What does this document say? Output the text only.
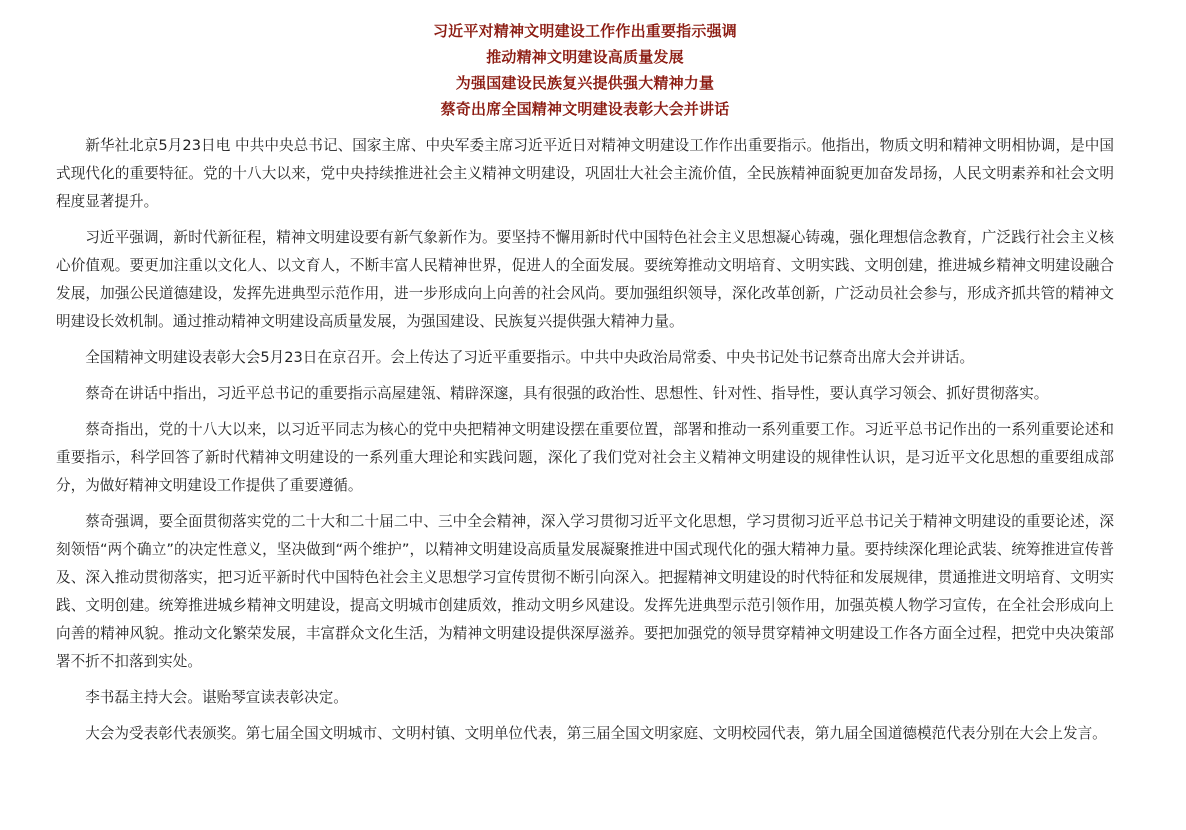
习近平对精神文明建设工作作出重要指示强调
推动精神文明建设高质量发展
为强国建设民族复兴提供强大精神力量
蔡奇出席全国精神文明建设表彰大会并讲话

新华社北京5月23日电 中共中央总书记、国家主席、中央军委主席习近平近日对精神文明建设工作作出重要指示。他指出，物质文明和精神文明相协调，是中国式现代化的重要特征。党的十八大以来，党中央持续推进社会主义精神文明建设，巩固壮大社会主流价值，全民族精神面貌更加奋发昂扬，人民文明素养和社会文明程度显著提升。

习近平强调，新时代新征程，精神文明建设要有新气象新作为。要坚持不懈用新时代中国特色社会主义思想凝心铸魂，强化理想信念教育，广泛践行社会主义核心价值观。要更加注重以文化人、以文育人，不断丰富人民精神世界，促进人的全面发展。要统筹推动文明培育、文明实践、文明创建，推进城乡精神文明建设融合发展，加强公民道德建设，发挥先进典型示范作用，进一步形成向上向善的社会风尚。要加强组织领导，深化改革创新，广泛动员社会参与，形成齐抓共管的精神文明建设长效机制。通过推动精神文明建设高质量发展，为强国建设、民族复兴提供强大精神力量。

全国精神文明建设表彰大会5月23日在京召开。会上传达了习近平重要指示。中共中央政治局常委、中央书记处书记蔡奇出席大会并讲话。

蔡奇在讲话中指出，习近平总书记的重要指示高屋建瓴、精辟深邃，具有很强的政治性、思想性、针对性、指导性，要认真学习领会、抓好贯彻落实。

蔡奇指出，党的十八大以来，以习近平同志为核心的党中央把精神文明建设摆在重要位置，部署和推动一系列重要工作。习近平总书记作出的一系列重要论述和重要指示，科学回答了新时代精神文明建设的一系列重大理论和实践问题，深化了我们党对社会主义精神文明建设的规律性认识，是习近平文化思想的重要组成部分，为做好精神文明建设工作提供了重要遵循。

蔡奇强调，要全面贯彻落实党的二十大和二十届二中、三中全会精神，深入学习贯彻习近平文化思想，学习贯彻习近平总书记关于精神文明建设的重要论述，深刻领悟“两个确立”的决定性意义，坚决做到“两个维护”，以精神文明建设高质量发展凝聚推进中国式现代化的强大精神力量。要持续深化理论武装、统筹推进宣传普及、深入推动贯彻落实，把习近平新时代中国特色社会主义思想学习宣传贯彻不断引向深入。把握精神文明建设的时代特征和发展规律，贯通推进文明培育、文明实践、文明创建。统筹推进城乡精神文明建设，提高文明城市创建质效，推动文明乡风建设。发挥先进典型示范引领作用，加强英模人物学习宣传，在全社会形成向上向善的精神风貌。推动文化繁荣发展，丰富群众文化生活，为精神文明建设提供深厚滋养。要把加强党的领导贯穿精神文明建设工作各方面全过程，把党中央决策部署不折不扣落到实处。

李书磊主持大会。谌贻琴宣读表彰决定。

大会为受表彰代表颁奖。第七届全国文明城市、文明村镇、文明单位代表，第三届全国文明家庭、文明校园代表，第九届全国道德模范代表分别在大会上发言。
